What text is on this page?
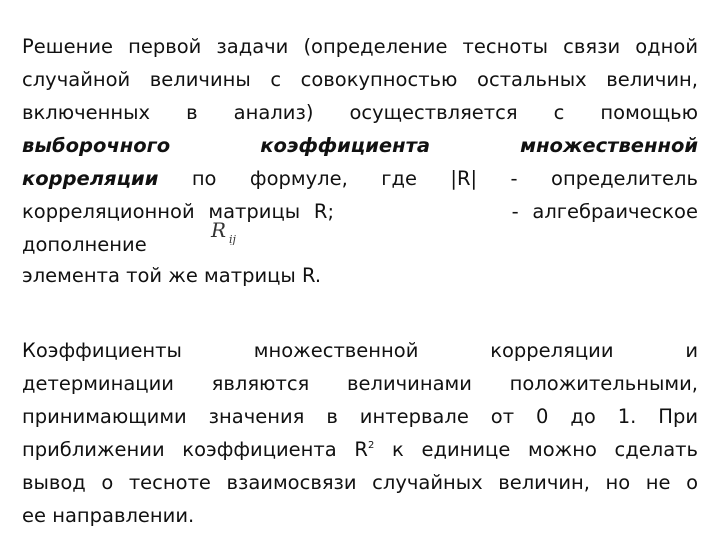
Решение первой задачи (определение тесноты связи одной
случайной величины с совокупностью остальных величин,
включенных в анализ) осуществляется с помощью
выборочного	коэффициента	множественной
корреляции по формуле, где |R| - определитель
корреляционной матрицы R;	- алгебраическое
дополнение
R ij
элемента той же матрицы R.
Коэффициенты множественной корреляции и
детерминации являются величинами положительными,
принимающими значения в интервале от 0 до 1. При
приближении коэффициента $R^2$ к единице можно сделать
вывод о тесноте взаимосвязи случайных величин, но не о
ее направлении.
